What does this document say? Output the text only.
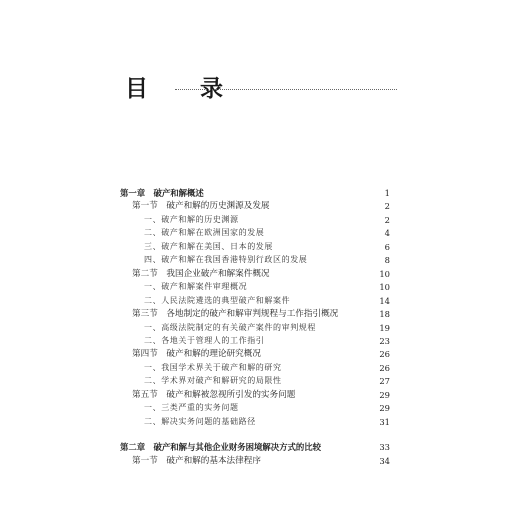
目 录
第一章　破产和解概述	1
第一节　破产和解的历史渊源及发展	2
一、破产和解的历史渊源	2
二、破产和解在欧洲国家的发展	4
三、破产和解在美国、日本的发展	6
四、破产和解在我国香港特别行政区的发展	8
第二节　我国企业破产和解案件概况	10
一、破产和解案件审理概况	10
二、人民法院遴选的典型破产和解案件	14
第三节　各地制定的破产和解审判规程与工作指引概况	18
一、高级法院制定的有关破产案件的审判规程	19
二、各地关于管理人的工作指引	23
第四节　破产和解的理论研究概况	26
一、我国学术界关于破产和解的研究	26
二、学术界对破产和解研究的局限性	27
第五节　破产和解被忽视所引发的实务问题	29
一、三类严重的实务问题	29
二、解决实务问题的基础路径	31
第二章　破产和解与其他企业财务困境解决方式的比较	33
第一节　破产和解的基本法律程序	34
